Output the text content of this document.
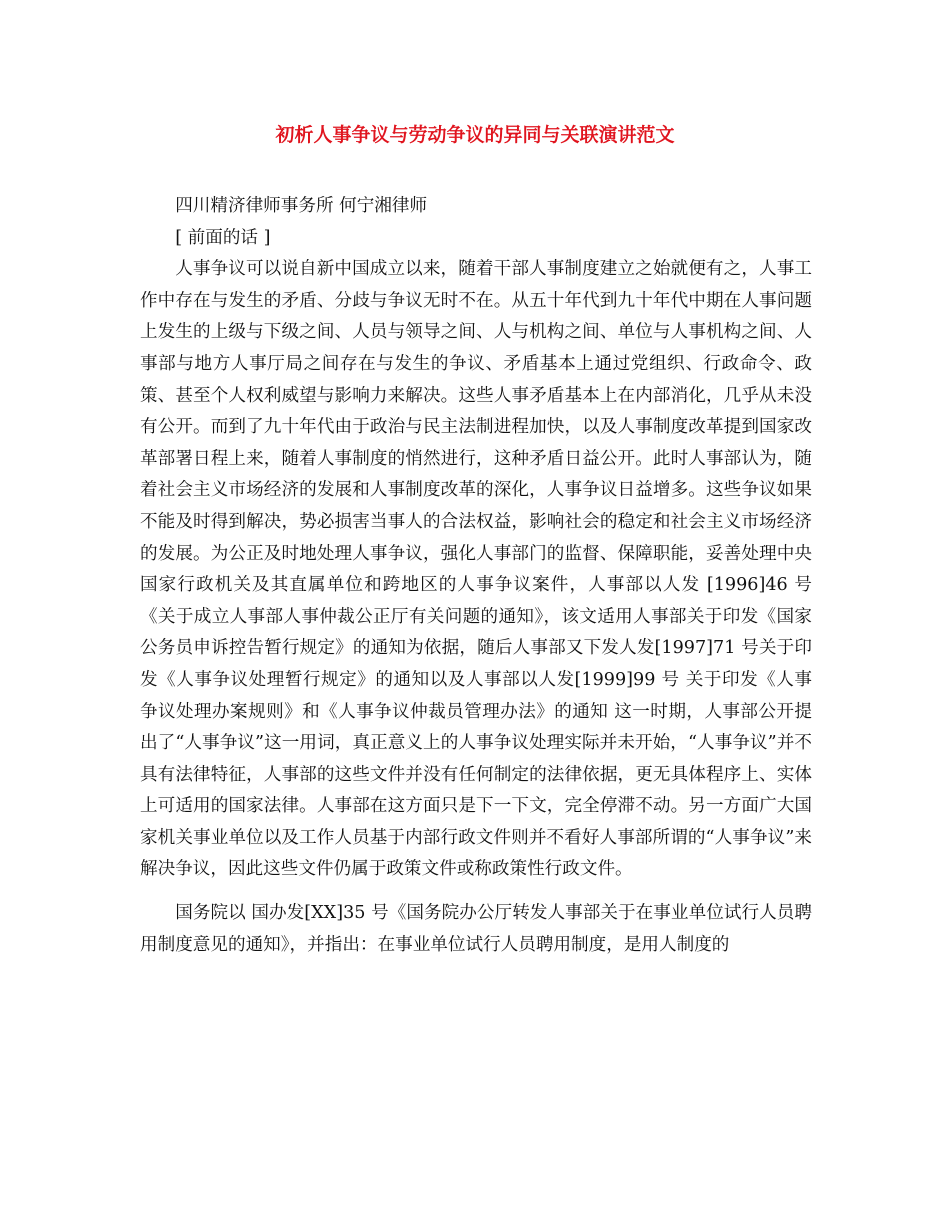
初析人事争议与劳动争议的异同与关联演讲范文

四川精济律师事务所 何宁湘律师

[ 前面的话 ]

人事争议可以说自新中国成立以来，随着干部人事制度建立之始就便有之，人事工作中存在与发生的矛盾、分歧与争议无时不在。从五十年代到九十年代中期在人事问题上发生的上级与下级之间、人员与领导之间、人与机构之间、单位与人事机构之间、人事部与地方人事厅局之间存在与发生的争议、矛盾基本上通过党组织、行政命令、政策、甚至个人权利威望与影响力来解决。这些人事矛盾基本上在内部消化，几乎从未没有公开。而到了九十年代由于政治与民主法制进程加快，以及人事制度改革提到国家改革部署日程上来，随着人事制度的悄然进行，这种矛盾日益公开。此时人事部认为，随着社会主义市场经济的发展和人事制度改革的深化，人事争议日益增多。这些争议如果不能及时得到解决，势必损害当事人的合法权益，影响社会的稳定和社会主义市场经济的发展。为公正及时地处理人事争议，强化人事部门的监督、保障职能，妥善处理中央国家行政机关及其直属单位和跨地区的人事争议案件，人事部以人发 [1996]46 号《关于成立人事部人事仲裁公正厅有关问题的通知》，该文适用人事部关于印发《国家公务员申诉控告暂行规定》的通知为依据，随后人事部又下发人发[1997]71 号关于印发《人事争议处理暂行规定》的通知以及人事部以人发[1999]99 号 关于印发《人事争议处理办案规则》和《人事争议仲裁员管理办法》的通知 这一时期，人事部公开提出了“人事争议”这一用词，真正意义上的人事争议处理实际并未开始，“人事争议”并不具有法律特征，人事部的这些文件并没有任何制定的法律依据，更无具体程序上、实体上可适用的国家法律。人事部在这方面只是下一下文，完全停滞不动。另一方面广大国家机关事业单位以及工作人员基于内部行政文件则并不看好人事部所谓的“人事争议”来解决争议，因此这些文件仍属于政策文件或称政策性行政文件。

国务院以 国办发[XX]35 号《国务院办公厅转发人事部关于在事业单位试行人员聘用制度意见的通知》，并指出：在事业单位试行人员聘用制度，是用人制度的
